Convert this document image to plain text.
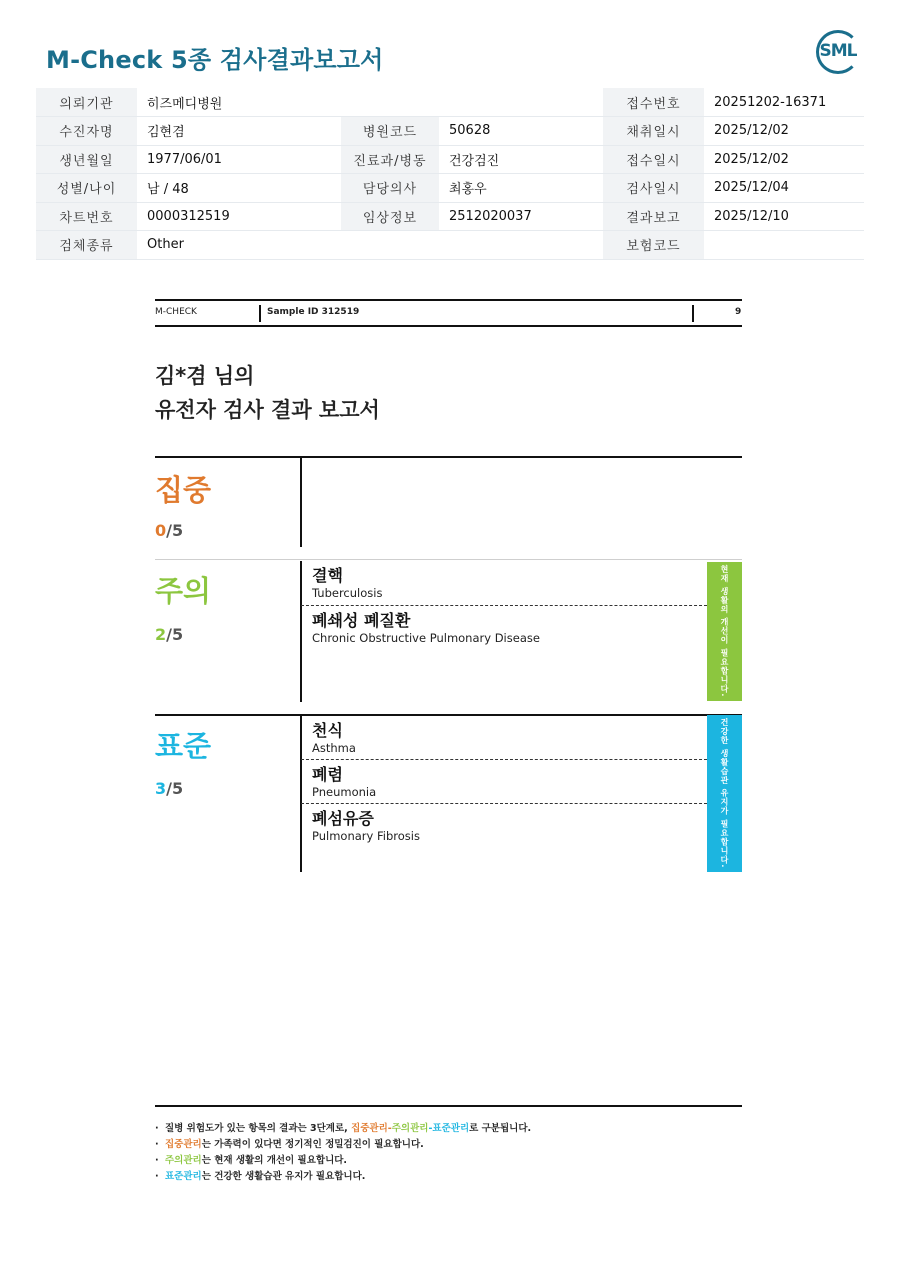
M-Check 5종 검사결과보고서	SML
의뢰기관	히즈메디병원			접수번호	20251202-16371
수진자명	김현겸	병원코드	50628	채취일시	2025/12/02
생년월일	1977/06/01	진료과/병동	건강검진	접수일시	2025/12/02
성별/나이	남 / 48	담당의사	최홍우	검사일시	2025/12/04
차트번호	0000312519	임상정보	2512020037	결과보고	2025/12/10
검체종류	Other			보험코드	
M-CHECK	Sample ID 312519	9
김*겸 님의
유전자 검사 결과 보고서
집중
0/5
주의
2/5	현재 생활의 개선이 필요합니다.
결핵
Tuberculosis
폐쇄성 폐질환
Chronic Obstructive Pulmonary Disease
표준
3/5	건강한 생활습관 유지가 필요합니다.
천식
Asthma
폐렴
Pneumonia
폐섬유증
Pulmonary Fibrosis
· 질병 위험도가 있는 항목의 결과는 3단계로, 집중관리-주의관리-표준관리로 구분됩니다.
· 집중관리는 가족력이 있다면 정기적인 정밀검진이 필요합니다.
· 주의관리는 현재 생활의 개선이 필요합니다.
· 표준관리는 건강한 생활습관 유지가 필요합니다.
